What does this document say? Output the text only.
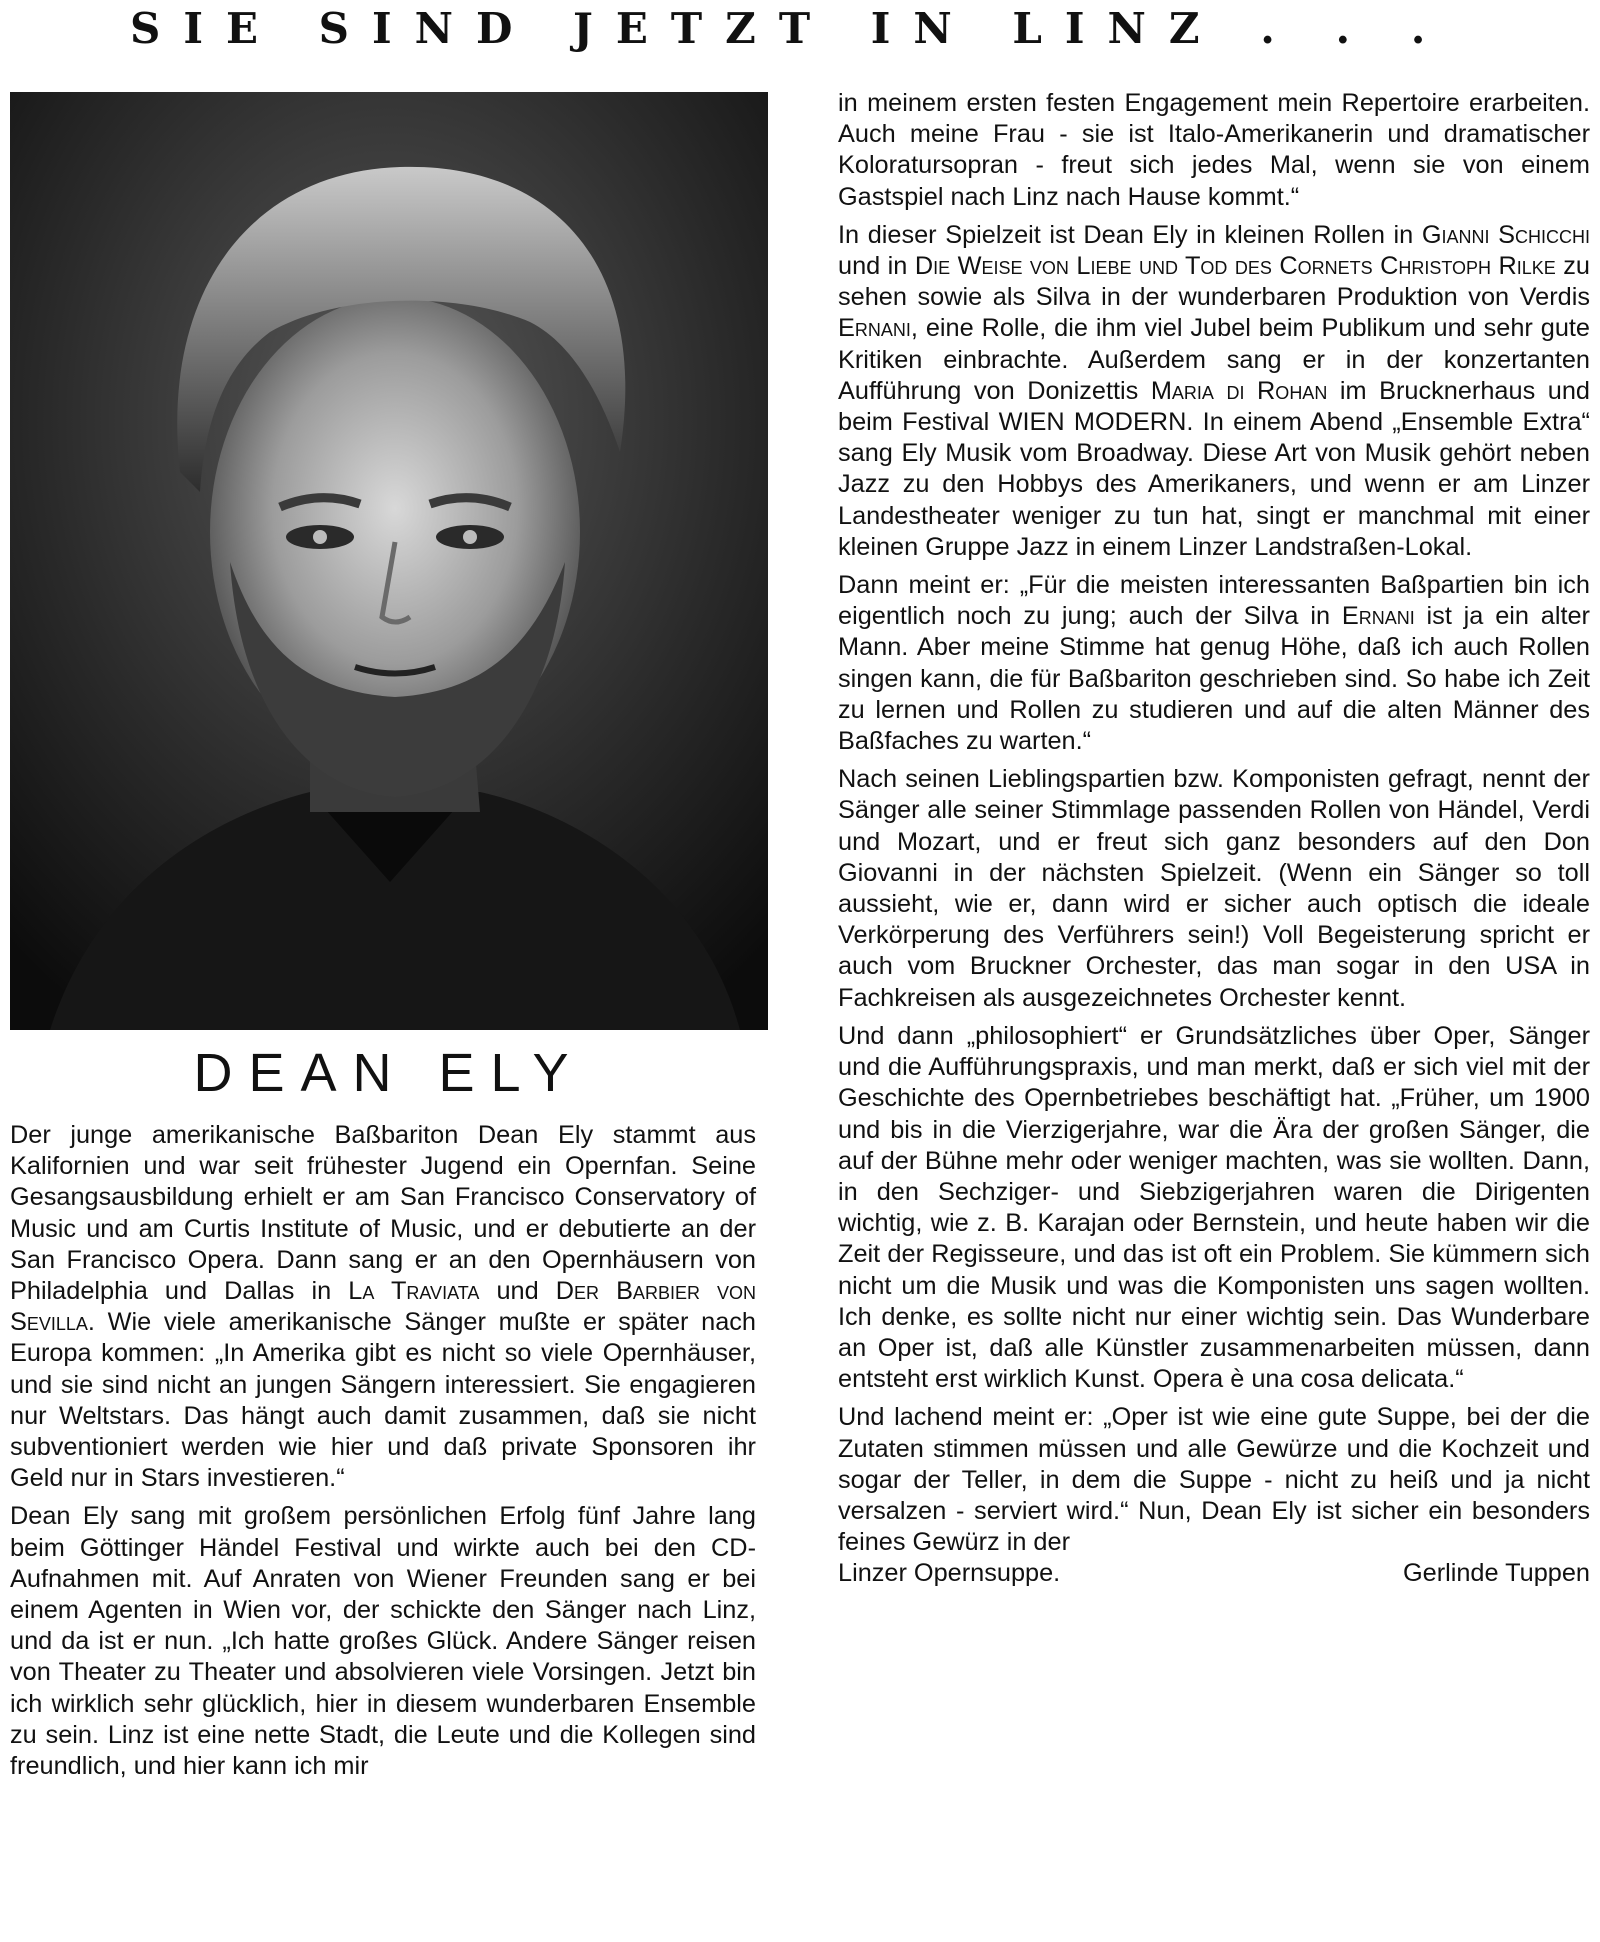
SIE SIND JETZT IN LINZ . . .
DEAN ELY

Der junge amerikanische Baßbariton Dean Ely stammt aus Kalifornien und war seit frühester Jugend ein Opernfan. Seine Gesangsausbildung erhielt er am San Francisco Conservatory of Music und am Curtis Institute of Music, und er debutierte an der San Francisco Opera. Dann sang er an den Opernhäusern von Philadelphia und Dallas in La Traviata und Der Barbier von Sevilla. Wie viele amerikanische Sänger mußte er später nach Europa kommen: „In Amerika gibt es nicht so viele Opernhäuser, und sie sind nicht an jungen Sängern interessiert. Sie engagieren nur Weltstars. Das hängt auch damit zusammen, daß sie nicht subventioniert werden wie hier und daß private Sponsoren ihr Geld nur in Stars investieren.“

Dean Ely sang mit großem persönlichen Erfolg fünf Jahre lang beim Göttinger Händel Festival und wirkte auch bei den CD-Aufnahmen mit. Auf Anraten von Wiener Freunden sang er bei einem Agenten in Wien vor, der schickte den Sänger nach Linz, und da ist er nun. „Ich hatte großes Glück. Andere Sänger reisen von Theater zu Theater und absolvieren viele Vorsingen. Jetzt bin ich wirklich sehr glücklich, hier in diesem wunderbaren Ensemble zu sein. Linz ist eine nette Stadt, die Leute und die Kollegen sind freundlich, und hier kann ich mir

in meinem ersten festen Engagement mein Repertoire erarbeiten. Auch meine Frau - sie ist Italo-Amerikanerin und dramatischer Koloratursopran - freut sich jedes Mal, wenn sie von einem Gastspiel nach Linz nach Hause kommt.“

In dieser Spielzeit ist Dean Ely in kleinen Rollen in Gianni Schicchi und in Die Weise von Liebe und Tod des Cornets Christoph Rilke zu sehen sowie als Silva in der wunderbaren Produktion von Verdis Ernani, eine Rolle, die ihm viel Jubel beim Publikum und sehr gute Kritiken einbrachte. Außerdem sang er in der konzertanten Aufführung von Donizettis Maria di Rohan im Brucknerhaus und beim Festival WIEN MODERN. In einem Abend „Ensemble Extra“ sang Ely Musik vom Broadway. Diese Art von Musik gehört neben Jazz zu den Hobbys des Amerikaners, und wenn er am Linzer Landestheater weniger zu tun hat, singt er manchmal mit einer kleinen Gruppe Jazz in einem Linzer Landstraßen-Lokal.

Dann meint er: „Für die meisten interessanten Baßpartien bin ich eigentlich noch zu jung; auch der Silva in Ernani ist ja ein alter Mann. Aber meine Stimme hat genug Höhe, daß ich auch Rollen singen kann, die für Baßbariton geschrieben sind. So habe ich Zeit zu lernen und Rollen zu studieren und auf die alten Männer des Baßfaches zu warten.“

Nach seinen Lieblingspartien bzw. Komponisten gefragt, nennt der Sänger alle seiner Stimmlage passenden Rollen von Händel, Verdi und Mozart, und er freut sich ganz besonders auf den Don Giovanni in der nächsten Spielzeit. (Wenn ein Sänger so toll aussieht, wie er, dann wird er sicher auch optisch die ideale Verkörperung des Verführers sein!) Voll Begeisterung spricht er auch vom Bruckner Orchester, das man sogar in den USA in Fachkreisen als ausgezeichnetes Orchester kennt.

Und dann „philosophiert“ er Grundsätzliches über Oper, Sänger und die Aufführungspraxis, und man merkt, daß er sich viel mit der Geschichte des Opernbetriebes beschäftigt hat. „Früher, um 1900 und bis in die Vierzigerjahre, war die Ära der großen Sänger, die auf der Bühne mehr oder weniger machten, was sie wollten. Dann, in den Sechziger- und Siebzigerjahren waren die Dirigenten wichtig, wie z. B. Karajan oder Bernstein, und heute haben wir die Zeit der Regisseure, und das ist oft ein Problem. Sie kümmern sich nicht um die Musik und was die Komponisten uns sagen wollten. Ich denke, es sollte nicht nur einer wichtig sein. Das Wunderbare an Oper ist, daß alle Künstler zusammenarbeiten müssen, dann entsteht erst wirklich Kunst. Opera è una cosa delicata.“

Und lachend meint er: „Oper ist wie eine gute Suppe, bei der die Zutaten stimmen müssen und alle Gewürze und die Kochzeit und sogar der Teller, in dem die Suppe - nicht zu heiß und ja nicht versalzen - serviert wird.“ Nun, Dean Ely ist sicher ein besonders feines Gewürz in der

Linzer Opernsuppe.	Gerlinde Tuppen
